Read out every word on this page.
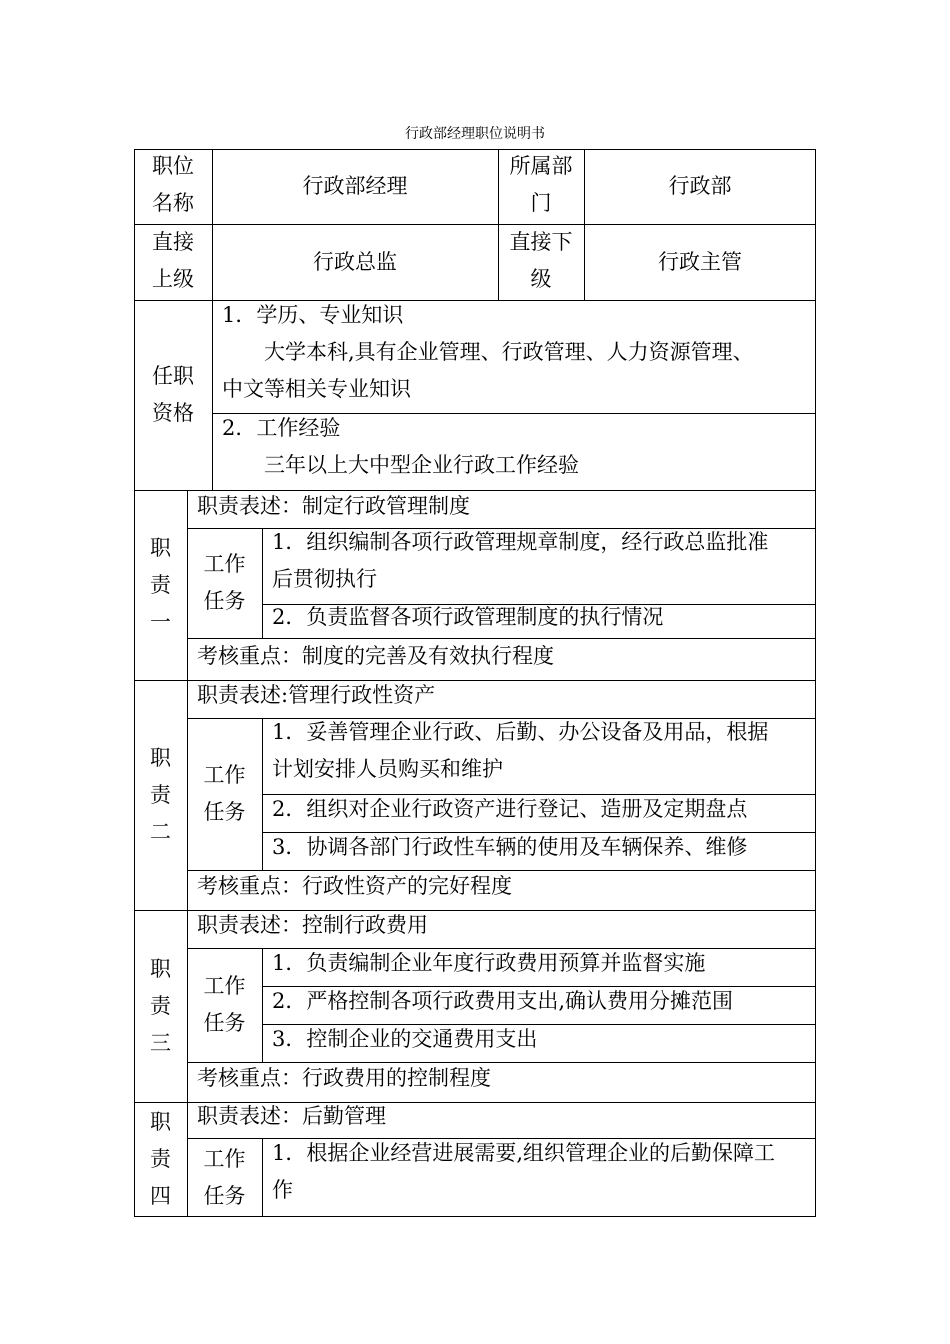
行政部经理职位说明书
职位
名称
行政部经理
所属部
门
行政部
直接
上级
行政总监
直接下
级
行政主管
任职
资格
1．学历、专业知识
大学本科,具有企业管理、行政管理、人力资源管理、
中文等相关专业知识
2．工作经验
三年以上大中型企业行政工作经验
职
责
一
职责表述：制定行政管理制度
工作
任务
1．组织编制各项行政管理规章制度，经行政总监批准
后贯彻执行
2．负责监督各项行政管理制度的执行情况
考核重点：制度的完善及有效执行程度
职
责
二
职责表述:管理行政性资产
工作
任务
1．妥善管理企业行政、后勤、办公设备及用品，根据
计划安排人员购买和维护
2．组织对企业行政资产进行登记、造册及定期盘点
3．协调各部门行政性车辆的使用及车辆保养、维修
考核重点：行政性资产的完好程度
职
责
三
职责表述：控制行政费用
工作
任务
1．负责编制企业年度行政费用预算并监督实施
2．严格控制各项行政费用支出,确认费用分摊范围
3．控制企业的交通费用支出
考核重点：行政费用的控制程度
职
责
四
职责表述：后勤管理
工作
任务
1．根据企业经营进展需要,组织管理企业的后勤保障工
作
